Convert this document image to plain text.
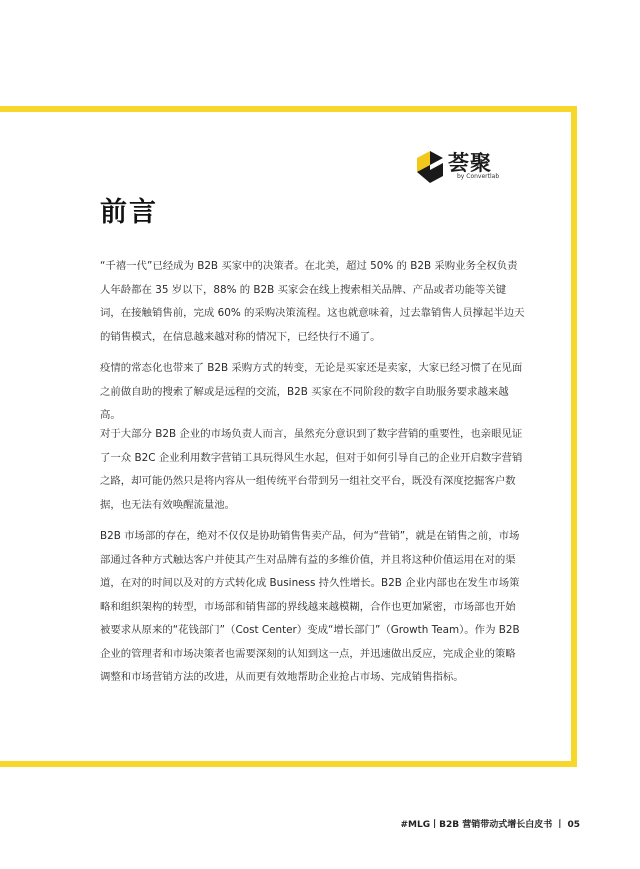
荟聚
by Convertlab
前言
“千禧一代”已经成为 B2B 买家中的决策者。在北美，超过 50% 的 B2B 采购业务全权负责人年龄都在 35 岁以下，88% 的 B2B 买家会在线上搜索相关品牌、产品或者功能等关键词，在接触销售前，完成 60% 的采购决策流程。这也就意味着，过去靠销售人员撑起半边天的销售模式，在信息越来越对称的情况下，已经快行不通了。
疫情的常态化也带来了 B2B 采购方式的转变，无论是买家还是卖家，大家已经习惯了在见面之前做自助的搜索了解或是远程的交流，B2B 买家在不同阶段的数字自助服务要求越来越高。
对于大部分 B2B 企业的市场负责人而言，虽然充分意识到了数字营销的重要性，也亲眼见证了一众 B2C 企业利用数字营销工具玩得风生水起，但对于如何引导自己的企业开启数字营销之路，却可能仍然只是将内容从一组传统平台带到另一组社交平台，既没有深度挖掘客户数据，也无法有效唤醒流量池。
B2B 市场部的存在，绝对不仅仅是协助销售售卖产品，何为“营销”，就是在销售之前，市场部通过各种方式触达客户并使其产生对品牌有益的多维价值，并且将这种价值运用在对的渠道，在对的时间以及对的方式转化成 Business 持久性增长。B2B 企业内部也在发生市场策略和组织架构的转型，市场部和销售部的界线越来越模糊，合作也更加紧密，市场部也开始被要求从原来的“花钱部门”（Cost Center）变成“增长部门”（Growth Team）。作为 B2B 企业的管理者和市场决策者也需要深刻的认知到这一点，并迅速做出反应，完成企业的策略调整和市场营销方法的改进，从而更有效地帮助企业抢占市场、完成销售指标。
#MLG丨B2B 营销带动式增长白皮书 丨 05
